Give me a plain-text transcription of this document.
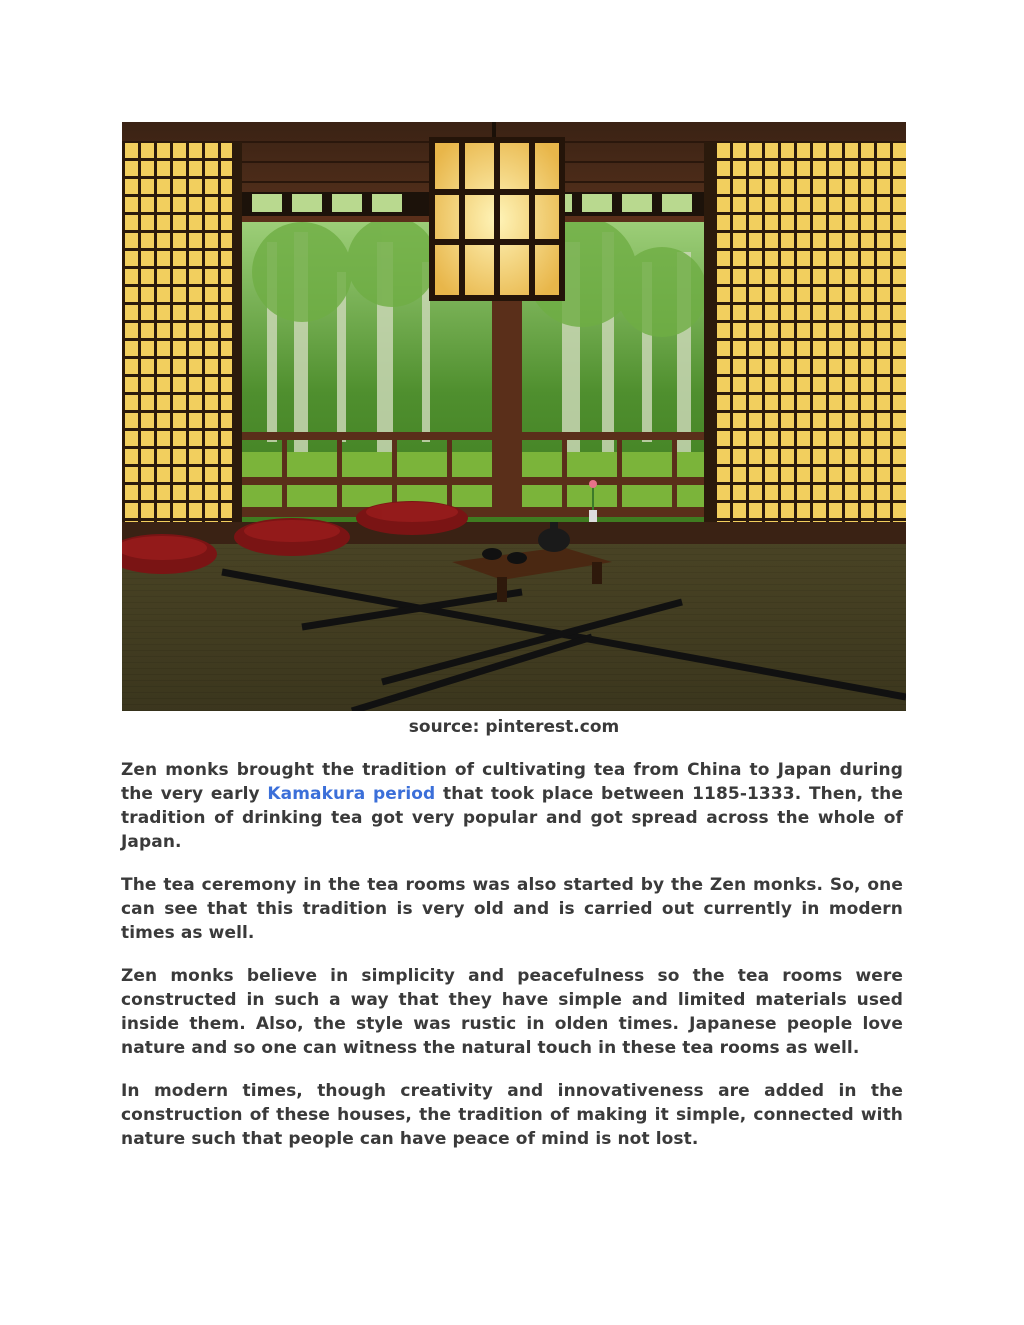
source: pinterest.com

Zen monks brought the tradition of cultivating tea from China to Japan during the very early Kamakura period that took place between 1185-1333. Then, the tradition of drinking tea got very popular and got spread across the whole of Japan.

The tea ceremony in the tea rooms was also started by the Zen monks. So, one can see that this tradition is very old and is carried out currently in modern times as well.

Zen monks believe in simplicity and peacefulness so the tea rooms were constructed in such a way that they have simple and limited materials used inside them. Also, the style was rustic in olden times. Japanese people love nature and so one can witness the natural touch in these tea rooms as well.

In modern times, though creativity and innovativeness are added in the construction of these houses, the tradition of making it simple, connected with nature such that people can have peace of mind is not lost.
